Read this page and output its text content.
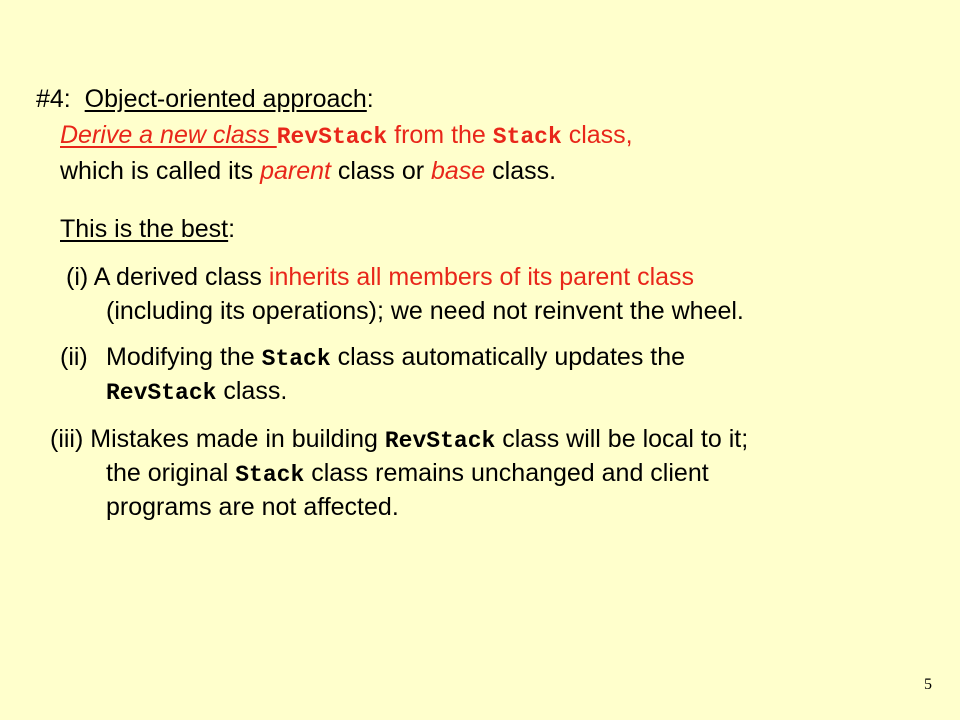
#4: Object-oriented approach:
Derive a new class RevStack from the Stack class,
which is called its parent class or base class.
This is the best:
(i) A derived class inherits all members of its parent class
(including its operations); we need not reinvent the wheel.
(ii) Modifying the Stack class automatically updates the
RevStack class.
(iii) Mistakes made in building RevStack class will be local to it;
the original Stack class remains unchanged and client
programs are not affected.
5
